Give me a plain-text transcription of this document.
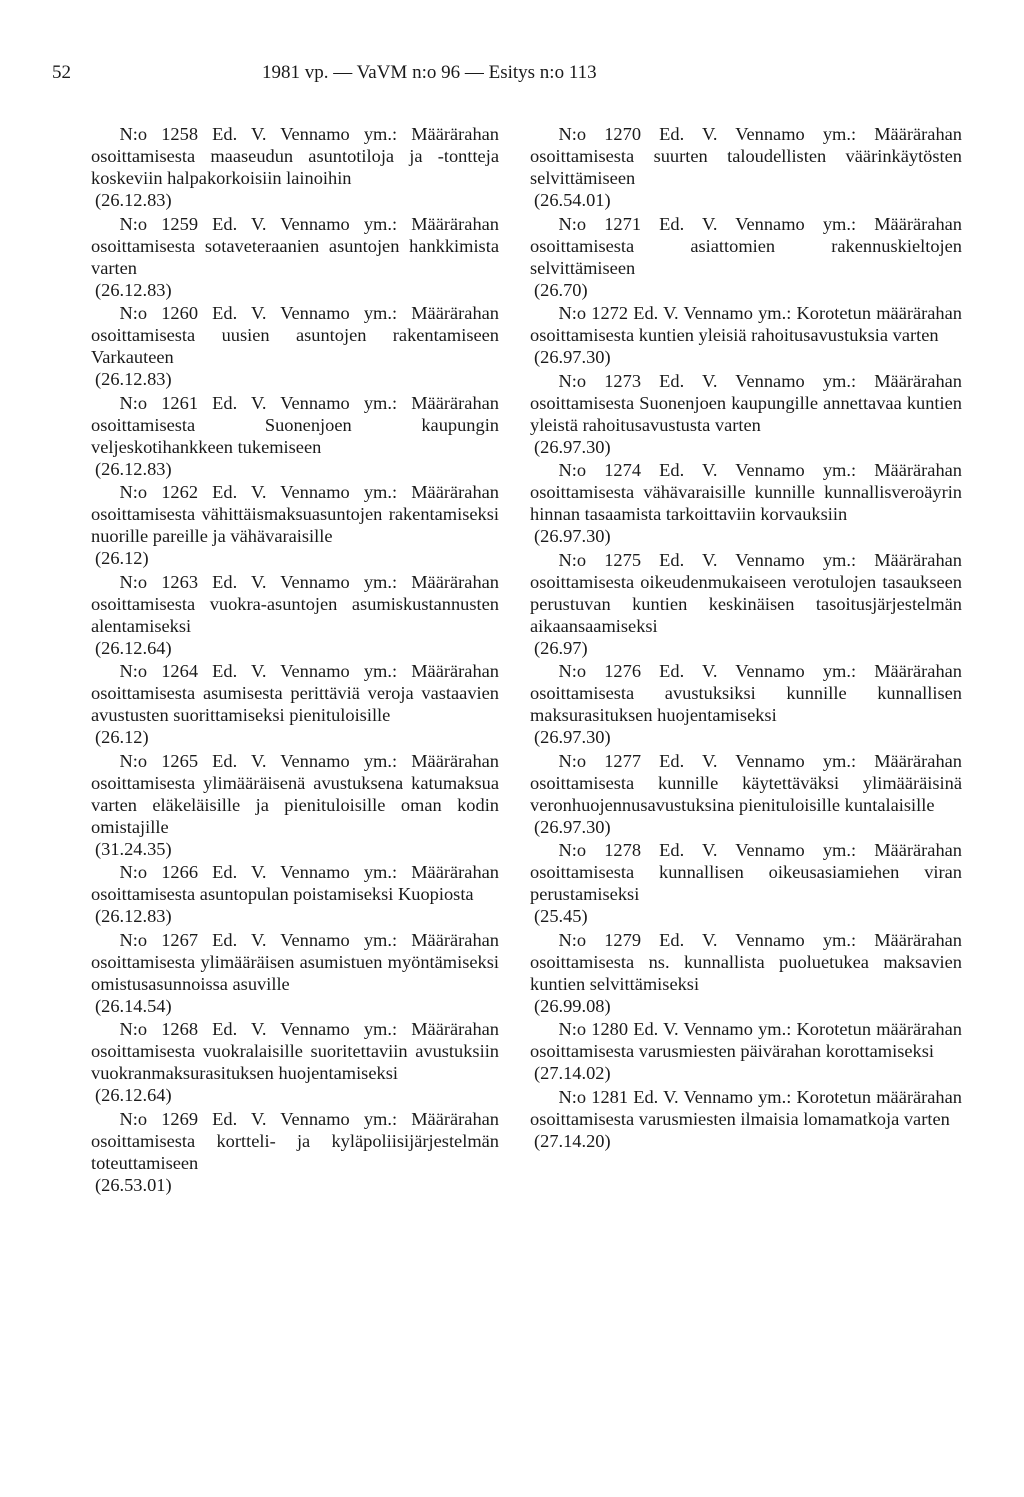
52	1981 vp. — VaVM n:o 96 — Esitys n:o 113
N:o 1258 Ed. V. Vennamo ym.: Määrärahan osoittamisesta maaseudun asuntotiloja ja -tontteja koskeviin halpakorkoisiin lainoihin
(26.12.83)
N:o 1259 Ed. V. Vennamo ym.: Määrärahan osoittamisesta sotaveteraanien asuntojen hankkimista varten
(26.12.83)
N:o 1260 Ed. V. Vennamo ym.: Määrärahan osoittamisesta uusien asuntojen rakentamiseen Varkauteen
(26.12.83)
N:o 1261 Ed. V. Vennamo ym.: Määrärahan osoittamisesta Suonenjoen kaupungin veljeskotihankkeen tukemiseen
(26.12.83)
N:o 1262 Ed. V. Vennamo ym.: Määrärahan osoittamisesta vähittäismaksuasuntojen rakentamiseksi nuorille pareille ja vähävaraisille
(26.12)
N:o 1263 Ed. V. Vennamo ym.: Määrärahan osoittamisesta vuokra-asuntojen asumiskustannusten alentamiseksi
(26.12.64)
N:o 1264 Ed. V. Vennamo ym.: Määrärahan osoittamisesta asumisesta perittäviä veroja vastaavien avustusten suorittamiseksi pienituloisille
(26.12)
N:o 1265 Ed. V. Vennamo ym.: Määrärahan osoittamisesta ylimääräisenä avustuksena katumaksua varten eläkeläisille ja pienituloisille oman kodin omistajille
(31.24.35)
N:o 1266 Ed. V. Vennamo ym.: Määrärahan osoittamisesta asuntopulan poistamiseksi Kuopiosta
(26.12.83)
N:o 1267 Ed. V. Vennamo ym.: Määrärahan osoittamisesta ylimääräisen asumistuen myöntämiseksi omistusasunnoissa asuville
(26.14.54)
N:o 1268 Ed. V. Vennamo ym.: Määrärahan osoittamisesta vuokralaisille suoritettaviin avustuksiin vuokranmaksurasituksen huojentamiseksi
(26.12.64)
N:o 1269 Ed. V. Vennamo ym.: Määrärahan osoittamisesta kortteli- ja kyläpoliisijärjestelmän toteuttamiseen
(26.53.01)
N:o 1270 Ed. V. Vennamo ym.: Määrärahan osoittamisesta suurten taloudellisten väärinkäytösten selvittämiseen
(26.54.01)
N:o 1271 Ed. V. Vennamo ym.: Määrärahan osoittamisesta asiattomien rakennuskieltojen selvittämiseen
(26.70)
N:o 1272 Ed. V. Vennamo ym.: Korotetun määrärahan osoittamisesta kuntien yleisiä rahoitusavustuksia varten
(26.97.30)
N:o 1273 Ed. V. Vennamo ym.: Määrärahan osoittamisesta Suonenjoen kaupungille annettavaa kuntien yleistä rahoitusavustusta varten
(26.97.30)
N:o 1274 Ed. V. Vennamo ym.: Määrärahan osoittamisesta vähävaraisille kunnille kunnallisveroäyrin hinnan tasaamista tarkoittaviin korvauksiin
(26.97.30)
N:o 1275 Ed. V. Vennamo ym.: Määrärahan osoittamisesta oikeudenmukaiseen verotulojen tasaukseen perustuvan kuntien keskinäisen tasoitusjärjestelmän aikaansaamiseksi
(26.97)
N:o 1276 Ed. V. Vennamo ym.: Määrärahan osoittamisesta avustuksiksi kunnille kunnallisen maksurasituksen huojentamiseksi
(26.97.30)
N:o 1277 Ed. V. Vennamo ym.: Määrärahan osoittamisesta kunnille käytettäväksi ylimääräisinä veronhuojennusavustuksina pienituloisille kuntalaisille
(26.97.30)
N:o 1278 Ed. V. Vennamo ym.: Määrärahan osoittamisesta kunnallisen oikeusasiamiehen viran perustamiseksi
(25.45)
N:o 1279 Ed. V. Vennamo ym.: Määrärahan osoittamisesta ns. kunnallista puoluetukea maksavien kuntien selvittämiseksi
(26.99.08)
N:o 1280 Ed. V. Vennamo ym.: Korotetun määrärahan osoittamisesta varusmiesten päivärahan korottamiseksi
(27.14.02)
N:o 1281 Ed. V. Vennamo ym.: Korotetun määrärahan osoittamisesta varusmiesten ilmaisia lomamatkoja varten
(27.14.20)
